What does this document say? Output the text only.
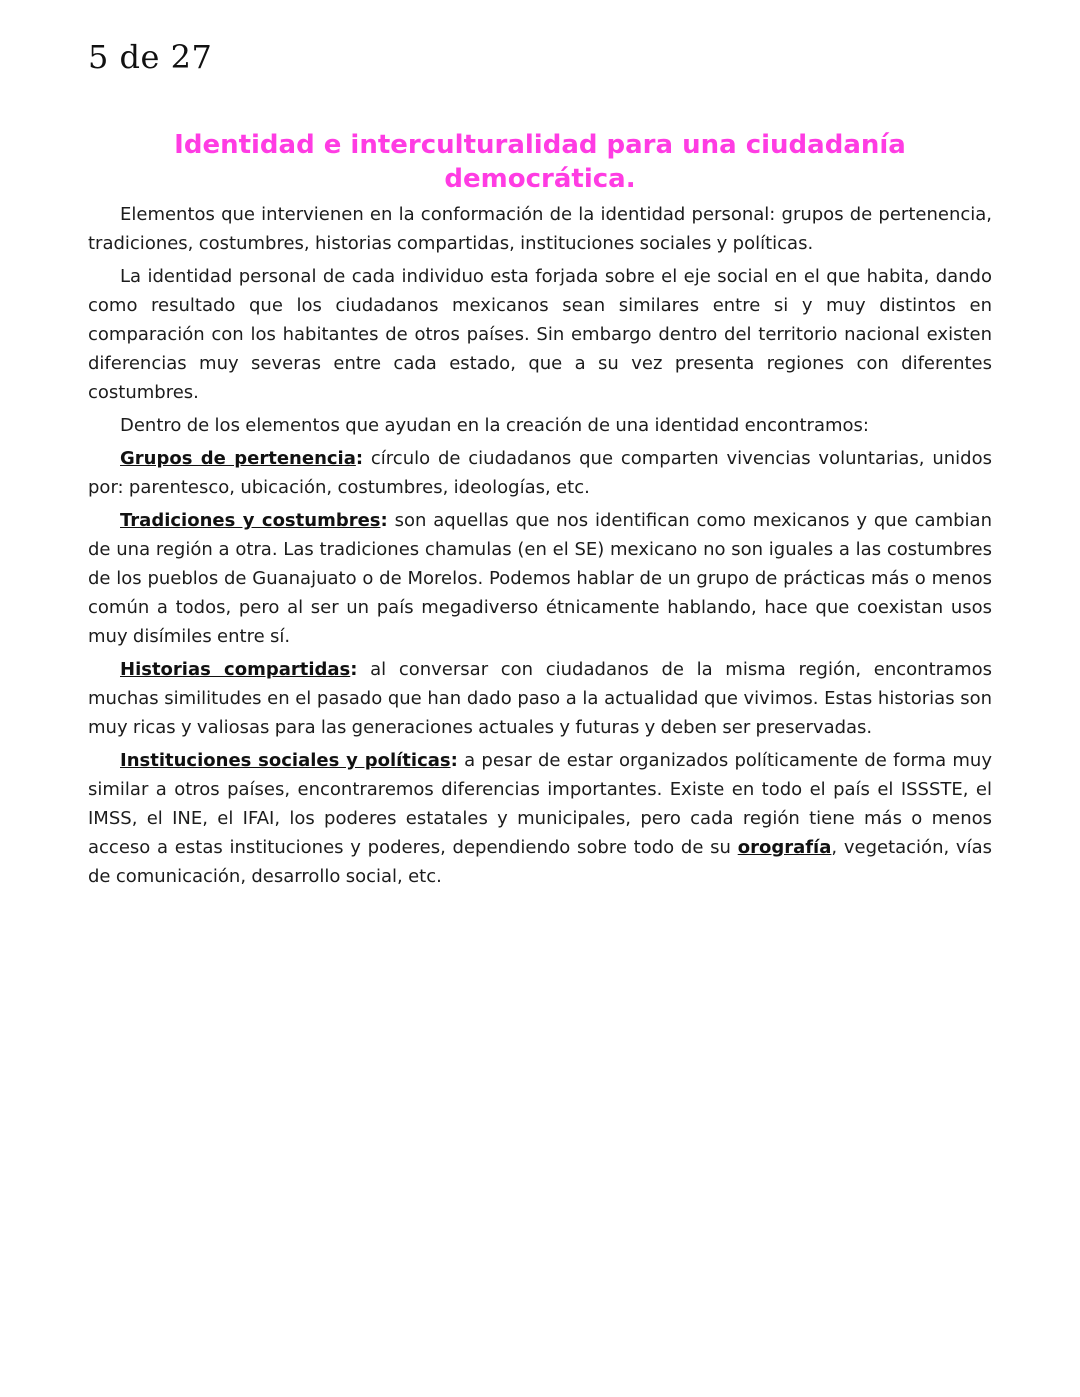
5 de 27
Identidad e interculturalidad para una ciudadanía democrática.

Elementos que intervienen en la conformación de la identidad personal: grupos de pertenencia, tradiciones, costumbres, historias compartidas, instituciones sociales y políticas.

La identidad personal de cada individuo esta forjada sobre el eje social en el que habita, dando como resultado que los ciudadanos mexicanos sean similares entre si y muy distintos en comparación con los habitantes de otros países. Sin embargo dentro del territorio nacional existen diferencias muy severas entre cada estado, que a su vez presenta regiones con diferentes costumbres.

Dentro de los elementos que ayudan en la creación de una identidad encontramos:

Grupos de pertenencia: círculo de ciudadanos que comparten vivencias voluntarias, unidos por: parentesco, ubicación, costumbres, ideologías, etc.

Tradiciones y costumbres: son aquellas que nos identifican como mexicanos y que cambian de una región a otra. Las tradiciones chamulas (en el SE) mexicano no son iguales a las costumbres de los pueblos de Guanajuato o de Morelos. Podemos hablar de un grupo de prácticas más o menos común a todos, pero al ser un país megadiverso étnicamente hablando, hace que coexistan usos muy disímiles entre sí.

Historias compartidas: al conversar con ciudadanos de la misma región, encontramos muchas similitudes en el pasado que han dado paso a la actualidad que vivimos. Estas historias son muy ricas y valiosas para las generaciones actuales y futuras y deben ser preservadas.

Instituciones sociales y políticas: a pesar de estar organizados políticamente de forma muy similar a otros países, encontraremos diferencias importantes. Existe en todo el país el ISSSTE, el IMSS, el INE, el IFAI, los poderes estatales y municipales, pero cada región tiene más o menos acceso a estas instituciones y poderes, dependiendo sobre todo de su orografía, vegetación, vías de comunicación, desarrollo social, etc.
